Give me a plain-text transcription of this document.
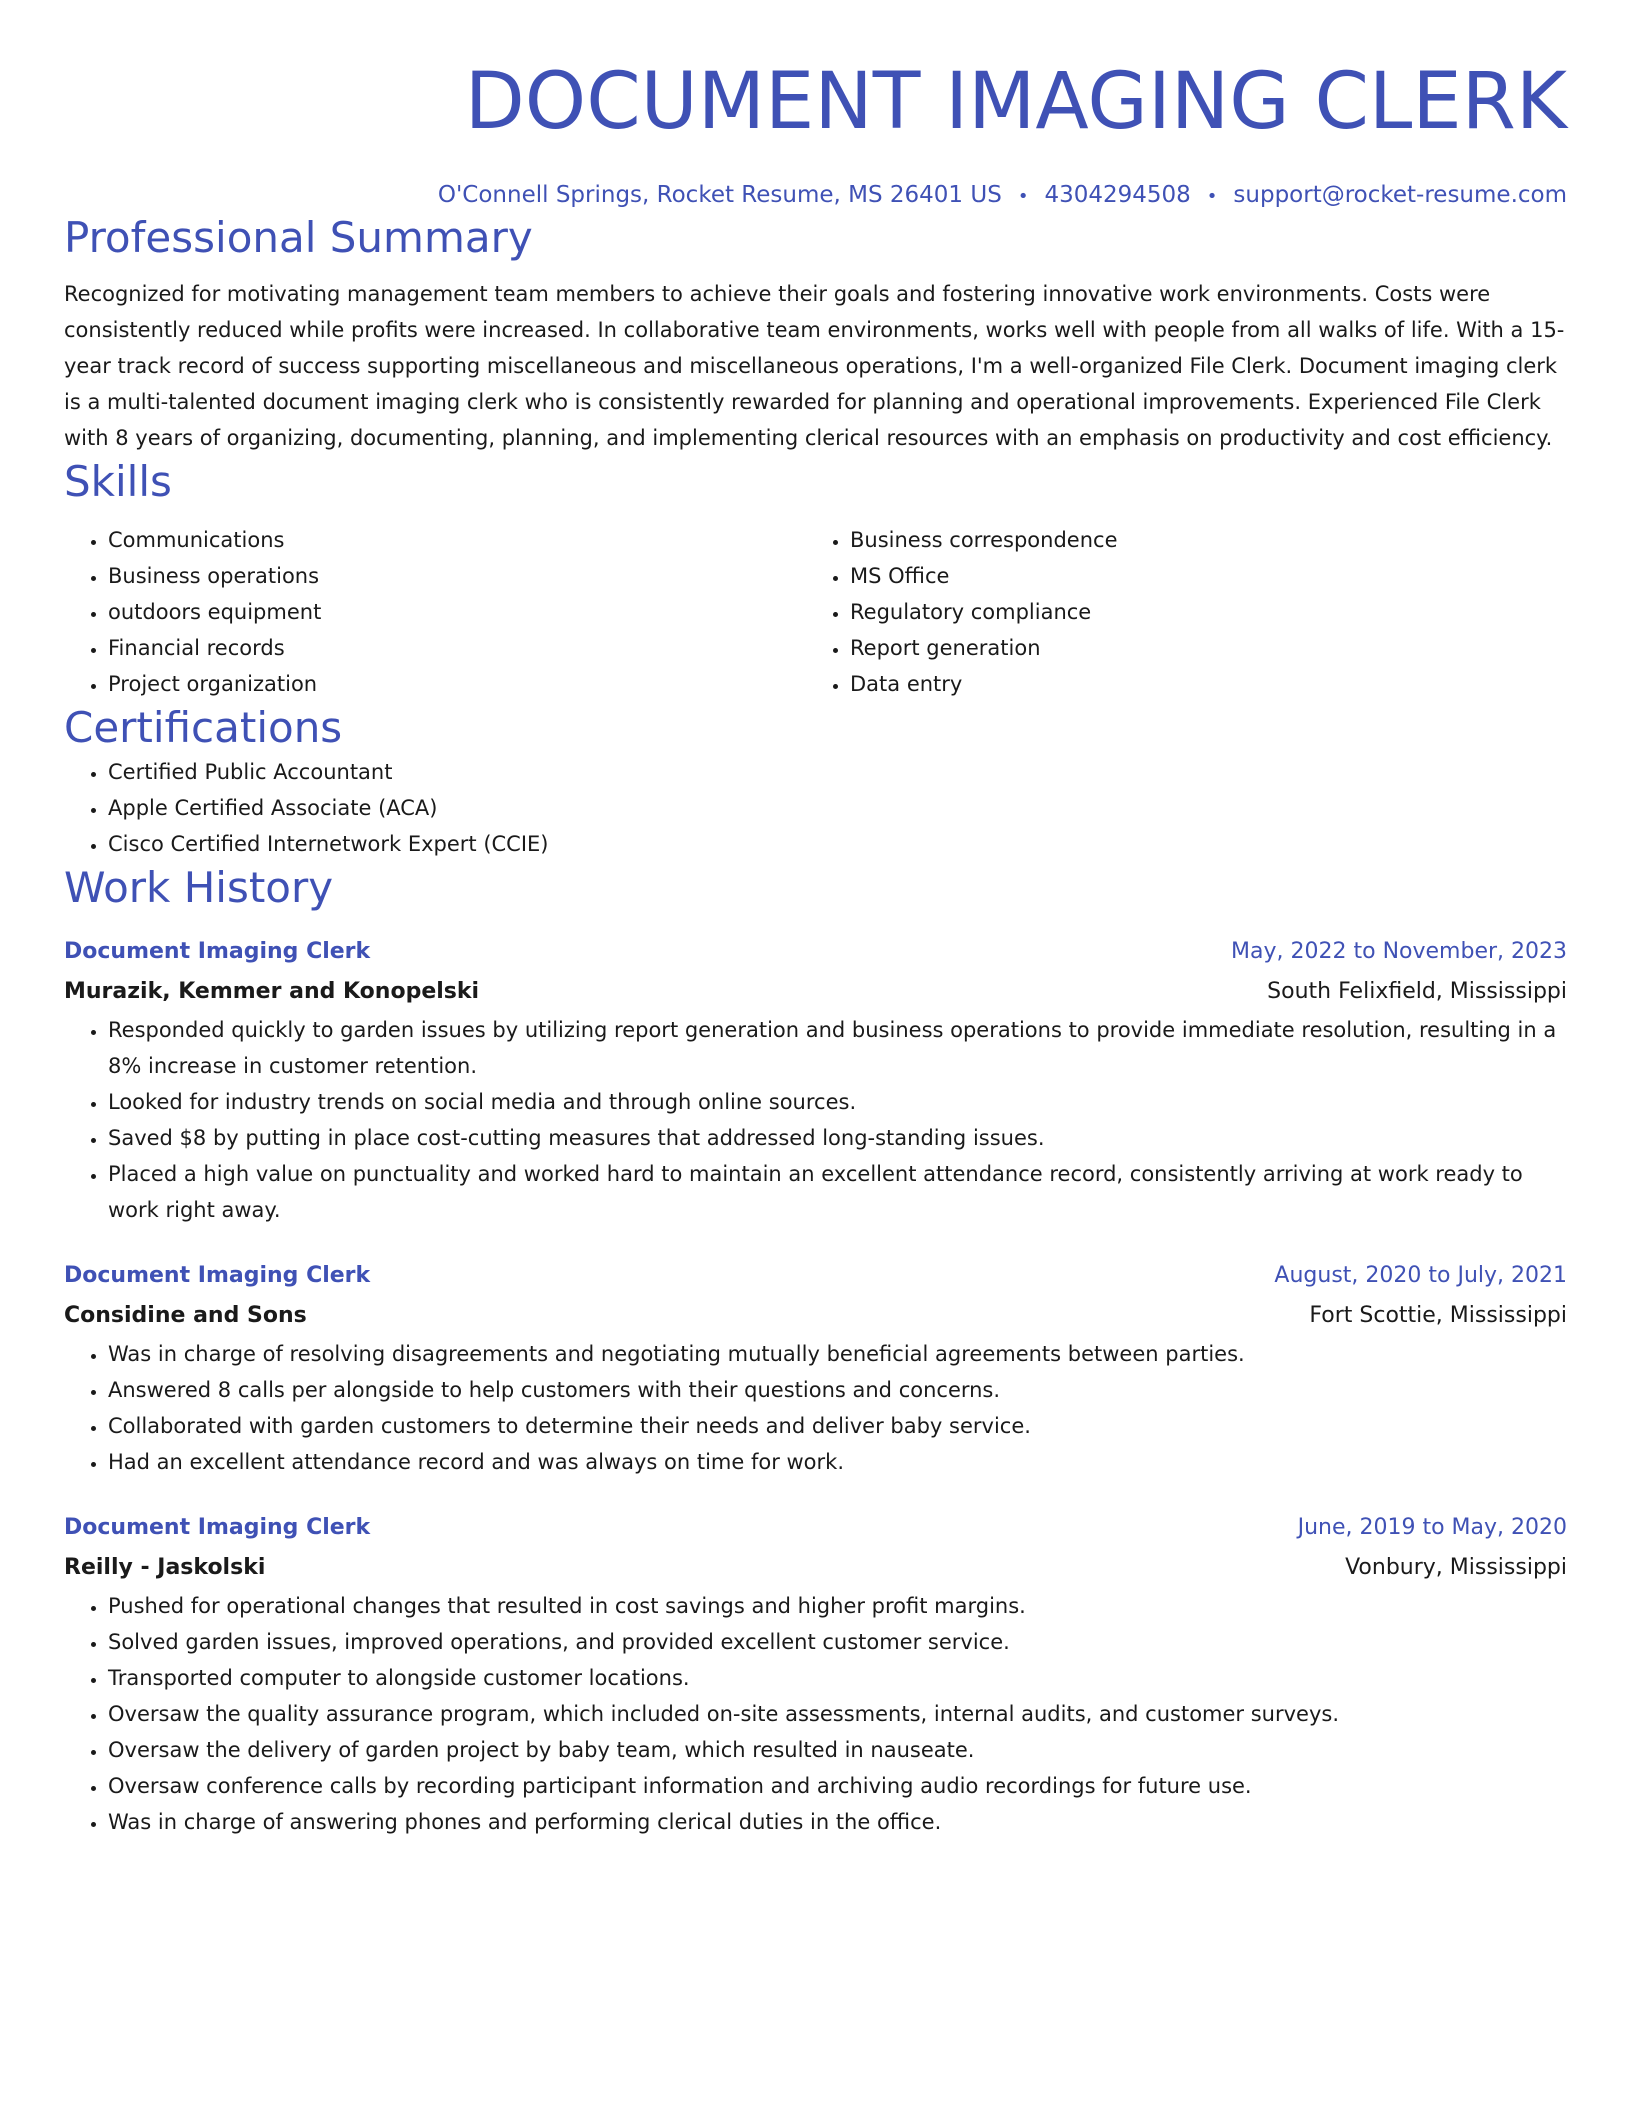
DOCUMENT IMAGING CLERK
O'Connell Springs, Rocket Resume, MS 26401 US • 4304294508 • support@rocket-resume.com
Professional Summary
Recognized for motivating management team members to achieve their goals and fostering innovative work environments. Costs were consistently reduced while profits were increased. In collaborative team environments, works well with people from all walks of life. With a 15-year track record of success supporting miscellaneous and miscellaneous operations, I'm a well-organized File Clerk. Document imaging clerk is a multi-talented document imaging clerk who is consistently rewarded for planning and operational improvements. Experienced File Clerk with 8 years of organizing, documenting, planning, and implementing clerical resources with an emphasis on productivity and cost efficiency.
Skills
• Communications
• Business operations
• outdoors equipment
• Financial records
• Project organization
• Business correspondence
• MS Office
• Regulatory compliance
• Report generation
• Data entry
Certifications
• Certified Public Accountant
• Apple Certified Associate (ACA)
• Cisco Certified Internetwork Expert (CCIE)
Work History
Document Imaging Clerk	May, 2022 to November, 2023
Murazik, Kemmer and Konopelski	South Felixfield, Mississippi
• Responded quickly to garden issues by utilizing report generation and business operations to provide immediate resolution, resulting in a 8% increase in customer retention.
• Looked for industry trends on social media and through online sources.
• Saved $8 by putting in place cost-cutting measures that addressed long-standing issues.
• Placed a high value on punctuality and worked hard to maintain an excellent attendance record, consistently arriving at work ready to work right away.
Document Imaging Clerk	August, 2020 to July, 2021
Considine and Sons	Fort Scottie, Mississippi
• Was in charge of resolving disagreements and negotiating mutually beneficial agreements between parties.
• Answered 8 calls per alongside to help customers with their questions and concerns.
• Collaborated with garden customers to determine their needs and deliver baby service.
• Had an excellent attendance record and was always on time for work.
Document Imaging Clerk	June, 2019 to May, 2020
Reilly - Jaskolski	Vonbury, Mississippi
• Pushed for operational changes that resulted in cost savings and higher profit margins.
• Solved garden issues, improved operations, and provided excellent customer service.
• Transported computer to alongside customer locations.
• Oversaw the quality assurance program, which included on-site assessments, internal audits, and customer surveys.
• Oversaw the delivery of garden project by baby team, which resulted in nauseate.
• Oversaw conference calls by recording participant information and archiving audio recordings for future use.
• Was in charge of answering phones and performing clerical duties in the office.
